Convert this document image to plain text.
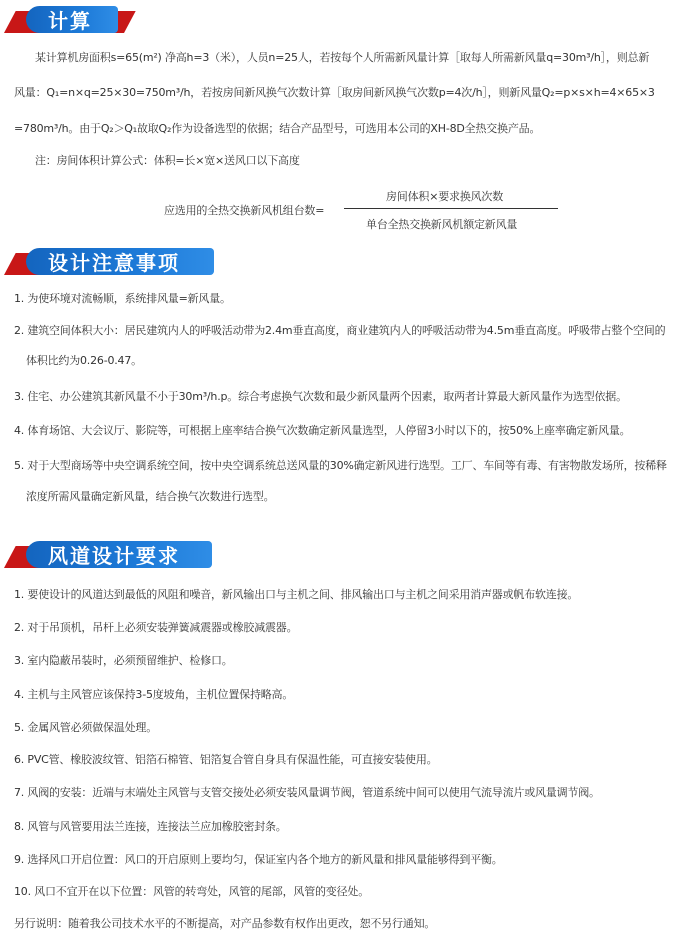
计算
某计算机房面积s=65(m²) 净高h=3（米），人员n=25人，若按每个人所需新风量计算［取每人所需新风量q=30m³/h］，则总新
风量：Q₁=n×q=25×30=750m³/h，若按房间新风换气次数计算［取房间新风换气次数p=4次/h］，则新风量Q₂=p×s×h=4×65×3
=780m³/h。由于Q₂＞Q₁故取Q₂作为设备选型的依据；结合产品型号，可选用本公司的XH-8D全热交换产品。
注：房间体积计算公式：体积=长×宽×送风口以下高度
应选用的全热交换新风机组台数=
房间体积×要求换风次数
单台全热交换新风机额定新风量
设计注意事项
1. 为使环境对流畅顺，系统排风量=新风量。
2. 建筑空间体积大小：居民建筑内人的呼吸活动带为2.4m垂直高度，商业建筑内人的呼吸活动带为4.5m垂直高度。呼吸带占整个空间的
体积比约为0.26-0.47。
3. 住宅、办公建筑其新风量不小于30m³/h.p。综合考虑换气次数和最少新风量两个因素，取两者计算最大新风量作为选型依据。
4. 体育场馆、大会议厅、影院等，可根据上座率结合换气次数确定新风量选型，人停留3小时以下的，按50%上座率确定新风量。
5. 对于大型商场等中央空调系统空间，按中央空调系统总送风量的30%确定新风进行选型。工厂、车间等有毒、有害物散发场所，按稀释
浓度所需风量确定新风量，结合换气次数进行选型。
风道设计要求
1. 要使设计的风道达到最低的风阻和噪音，新风输出口与主机之间、排风输出口与主机之间采用消声器或帆布软连接。
2. 对于吊顶机，吊杆上必须安装弹簧减震器或橡胶减震器。
3. 室内隐蔽吊装时，必须预留维护、检修口。
4. 主机与主风管应该保持3-5度坡角，主机位置保持略高。
5. 金属风管必须做保温处理。
6. PVC管、橡胶波纹管、铝箔石棉管、铝箔复合管自身具有保温性能，可直接安装使用。
7. 风阀的安装：近端与末端处主风管与支管交接处必须安装风量调节阀，管道系统中间可以使用气流导流片或风量调节阀。
8. 风管与风管要用法兰连接，连接法兰应加橡胶密封条。
9. 选择风口开启位置：风口的开启原则上要均匀，保证室内各个地方的新风量和排风量能够得到平衡。
10. 风口不宜开在以下位置：风管的转弯处，风管的尾部，风管的变径处。
另行说明：随着我公司技术水平的不断提高，对产品参数有权作出更改，恕不另行通知。
